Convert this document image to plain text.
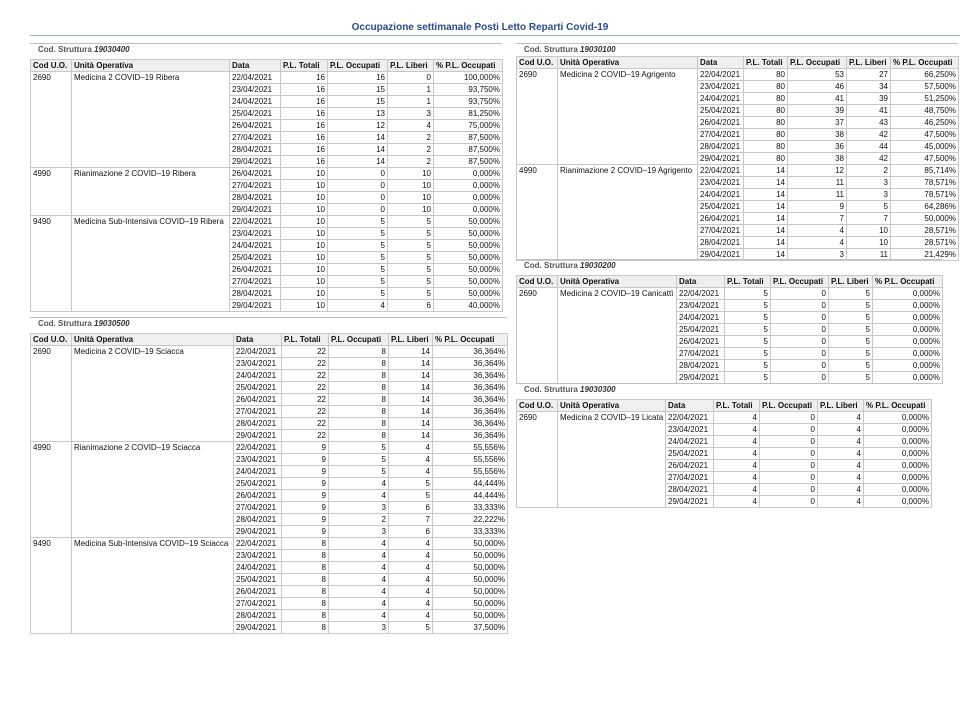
Occupazione settimanale Posti Letto Reparti Covid-19
Cod. Struttura 19030400
Cod U.O.	Unità Operativa	Data	P.L. Totali	P.L. Occupati	P.L. Liberi	% P.L. Occupati
2690	Medicina 2 COVID–19 Ribera	22/04/2021	16	16	0	100,000%
		23/04/2021	16	15	1	93,750%
		24/04/2021	16	15	1	93,750%
		25/04/2021	16	13	3	81,250%
		26/04/2021	16	12	4	75,000%
		27/04/2021	16	14	2	87,500%
		28/04/2021	16	14	2	87,500%
		29/04/2021	16	14	2	87,500%
4990	Rianimazione 2 COVID–19 Ribera	26/04/2021	10	0	10	0,000%
		27/04/2021	10	0	10	0,000%
		28/04/2021	10	0	10	0,000%
		29/04/2021	10	0	10	0,000%
9490	Medicina Sub-Intensiva COVID–19 Ribera	22/04/2021	10	5	5	50,000%
		23/04/2021	10	5	5	50,000%
		24/04/2021	10	5	5	50,000%
		25/04/2021	10	5	5	50,000%
		26/04/2021	10	5	5	50,000%
		27/04/2021	10	5	5	50,000%
		28/04/2021	10	5	5	50,000%
		29/04/2021	10	4	6	40,000%
Cod. Struttura 19030500
Cod U.O.	Unità Operativa	Data	P.L. Totali	P.L. Occupati	P.L. Liberi	% P.L. Occupati
2690	Medicina 2 COVID–19 Sciacca	22/04/2021	22	8	14	36,364%
		23/04/2021	22	8	14	36,364%
		24/04/2021	22	8	14	36,364%
		25/04/2021	22	8	14	36,364%
		26/04/2021	22	8	14	36,364%
		27/04/2021	22	8	14	36,364%
		28/04/2021	22	8	14	36,364%
		29/04/2021	22	8	14	36,364%
4990	Rianimazione 2 COVID–19 Sciacca	22/04/2021	9	5	4	55,556%
		23/04/2021	9	5	4	55,556%
		24/04/2021	9	5	4	55,556%
		25/04/2021	9	4	5	44,444%
		26/04/2021	9	4	5	44,444%
		27/04/2021	9	3	6	33,333%
		28/04/2021	9	2	7	22,222%
		29/04/2021	9	3	6	33,333%
9490	Medicina Sub-Intensiva COVID–19 Sciacca	22/04/2021	8	4	4	50,000%
		23/04/2021	8	4	4	50,000%
		24/04/2021	8	4	4	50,000%
		25/04/2021	8	4	4	50,000%
		26/04/2021	8	4	4	50,000%
		27/04/2021	8	4	4	50,000%
		28/04/2021	8	4	4	50,000%
		29/04/2021	8	3	5	37,500%
Cod. Struttura 19030100
Cod U.O.	Unità Operativa	Data	P.L. Totali	P.L. Occupati	P.L. Liberi	% P.L. Occupati
2690	Medicina 2 COVID–19 Agrigento	22/04/2021	80	53	27	66,250%
		23/04/2021	80	46	34	57,500%
		24/04/2021	80	41	39	51,250%
		25/04/2021	80	39	41	48,750%
		26/04/2021	80	37	43	46,250%
		27/04/2021	80	38	42	47,500%
		28/04/2021	80	36	44	45,000%
		29/04/2021	80	38	42	47,500%
4990	Rianimazione 2 COVID–19 Agrigento	22/04/2021	14	12	2	85,714%
		23/04/2021	14	11	3	78,571%
		24/04/2021	14	11	3	78,571%
		25/04/2021	14	9	5	64,286%
		26/04/2021	14	7	7	50,000%
		27/04/2021	14	4	10	28,571%
		28/04/2021	14	4	10	28,571%
		29/04/2021	14	3	11	21,429%
Cod. Struttura 19030200
Cod U.O.	Unità Operativa	Data	P.L. Totali	P.L. Occupati	P.L. Liberi	% P.L. Occupati
2690	Medicina 2 COVID–19 Canicattì	22/04/2021	5	0	5	0,000%
		23/04/2021	5	0	5	0,000%
		24/04/2021	5	0	5	0,000%
		25/04/2021	5	0	5	0,000%
		26/04/2021	5	0	5	0,000%
		27/04/2021	5	0	5	0,000%
		28/04/2021	5	0	5	0,000%
		29/04/2021	5	0	5	0,000%
Cod. Struttura 19030300
Cod U.O.	Unità Operativa	Data	P.L. Totali	P.L. Occupati	P.L. Liberi	% P.L. Occupati
2690	Medicina 2 COVID–19 Licata	22/04/2021	4	0	4	0,000%
		23/04/2021	4	0	4	0,000%
		24/04/2021	4	0	4	0,000%
		25/04/2021	4	0	4	0,000%
		26/04/2021	4	0	4	0,000%
		27/04/2021	4	0	4	0,000%
		28/04/2021	4	0	4	0,000%
		29/04/2021	4	0	4	0,000%
